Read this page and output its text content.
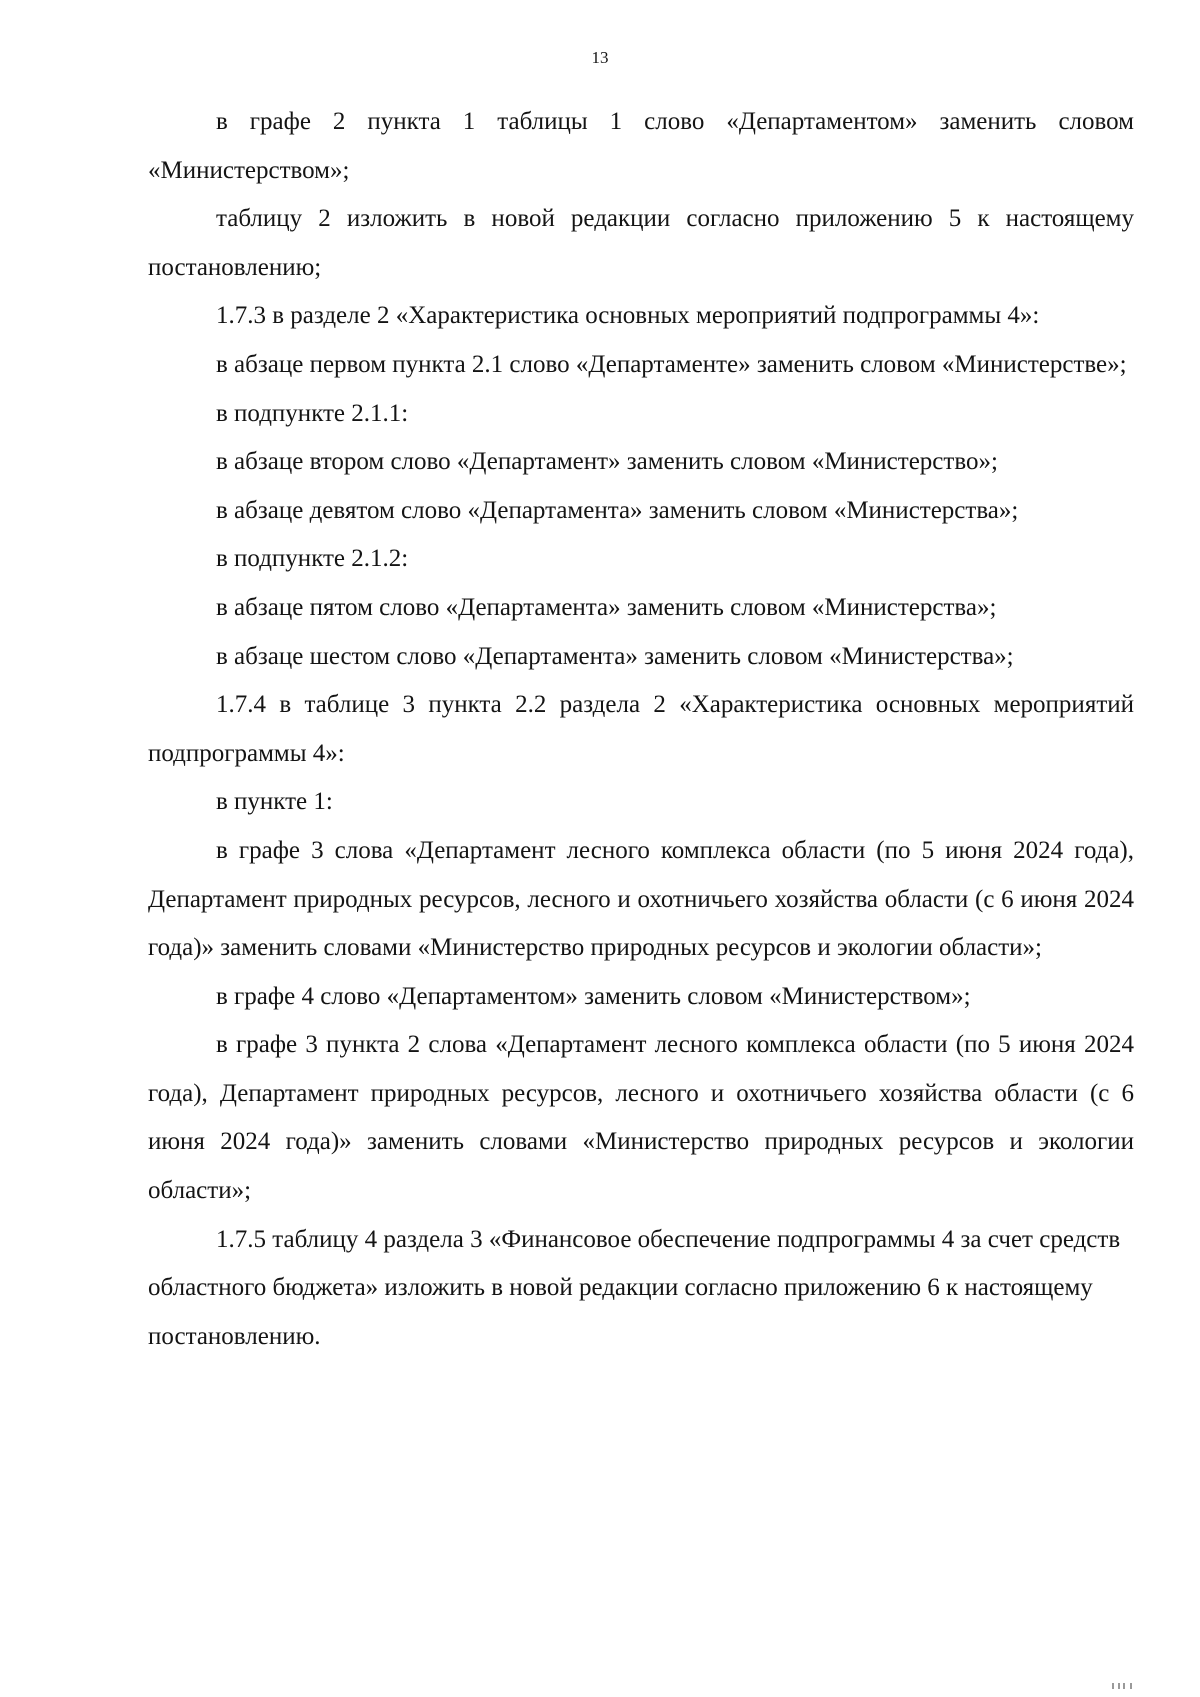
13

в графе 2 пункта 1 таблицы 1 слово «Департаментом» заменить словом «Министерством»;

таблицу 2 изложить в новой редакции согласно приложению 5 к настоящему постановлению;

1.7.3 в разделе 2 «Характеристика основных мероприятий подпрограммы 4»:

в абзаце первом пункта 2.1 слово «Департаменте» заменить словом «Министерстве»;

в подпункте 2.1.1:

в абзаце втором слово «Департамент» заменить словом «Министерство»;

в абзаце девятом слово «Департамента» заменить словом «Министерства»;

в подпункте 2.1.2:

в абзаце пятом слово «Департамента» заменить словом «Министерства»;

в абзаце шестом слово «Департамента» заменить словом «Министерства»;

1.7.4 в таблице 3 пункта 2.2 раздела 2 «Характеристика основных мероприятий подпрограммы 4»:

в пункте 1:

в графе 3 слова «Департамент лесного комплекса области (по 5 июня 2024 года), Департамент природных ресурсов, лесного и охотничьего хозяйства области (с 6 июня 2024 года)» заменить словами «Министерство природных ресурсов и экологии области»;

в графе 4 слово «Департаментом» заменить словом «Министерством»;

в графе 3 пункта 2 слова «Департамент лесного комплекса области (по 5 июня 2024 года), Департамент природных ресурсов, лесного и охотничьего хозяйства области (с 6 июня 2024 года)» заменить словами «Министерство природных ресурсов и экологии области»;

1.7.5 таблицу 4 раздела 3 «Финансовое обеспечение подпрограммы 4 за счет средств областного бюджета» изложить в новой редакции согласно приложению 6 к настоящему постановлению.
